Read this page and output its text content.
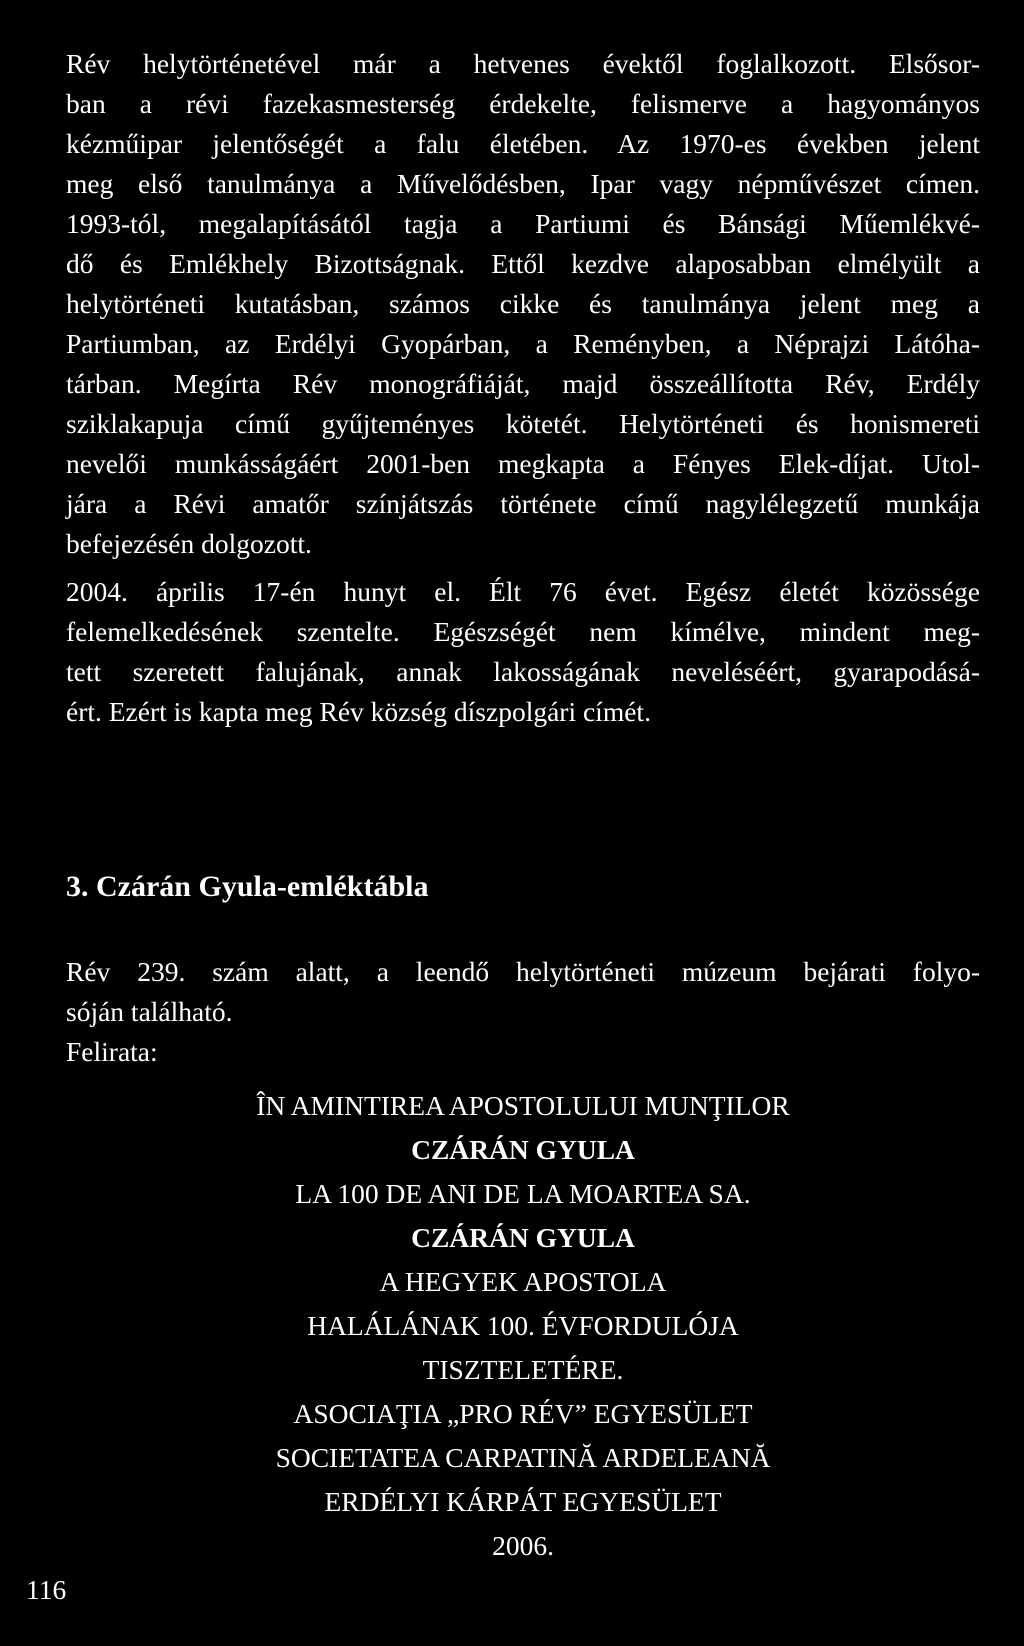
Rév helytörténetével már a hetvenes évektől foglalkozott. Elsősor-
ban a révi fazekasmesterség érdekelte, felismerve a hagyományos
kézműipar jelentőségét a falu életében. Az 1970-es években jelent
meg első tanulmánya a Művelődésben, Ipar vagy népművészet címen.
1993-tól, megalapításától tagja a Partiumi és Bánsági Műemlékvé-
dő és Emlékhely Bizottságnak. Ettől kezdve alaposabban elmélyült a
helytörténeti kutatásban, számos cikke és tanulmánya jelent meg a
Partiumban, az Erdélyi Gyopárban, a Reményben, a Néprajzi Látóha-
tárban. Megírta Rév monográfiáját, majd összeállította Rév, Erdély
sziklakapuja című gyűjteményes kötetét. Helytörténeti és honismereti
nevelői munkásságáért 2001-ben megkapta a Fényes Elek-díjat. Utol-
jára a Révi amatőr színjátszás története című nagylélegzetű munkája
befejezésén dolgozott.

2004. április 17-én hunyt el. Élt 76 évet. Egész életét közössége
felemelkedésének szentelte. Egészségét nem kímélve, mindent meg-
tett szeretett falujának, annak lakosságának neveléséért, gyarapodásá-
ért. Ezért is kapta meg Rév község díszpolgári címét.

3. Czárán Gyula-emléktábla

Rév 239. szám alatt, a leendő helytörténeti múzeum bejárati folyo-
sóján található.

Felirata:

ÎN AMINTIREA APOSTOLULUI MUNŢILOR
CZÁRÁN GYULA
LA 100 DE ANI DE LA MOARTEA SA.
CZÁRÁN GYULA
A HEGYEK APOSTOLA
HALÁLÁNAK 100. ÉVFORDULÓJA
TISZTELETÉRE.
ASOCIAŢIA „PRO RÉV” EGYESÜLET
SOCIETATEA CARPATINĂ ARDELEANĂ
ERDÉLYI KÁRPÁT EGYESÜLET
2006.
116
